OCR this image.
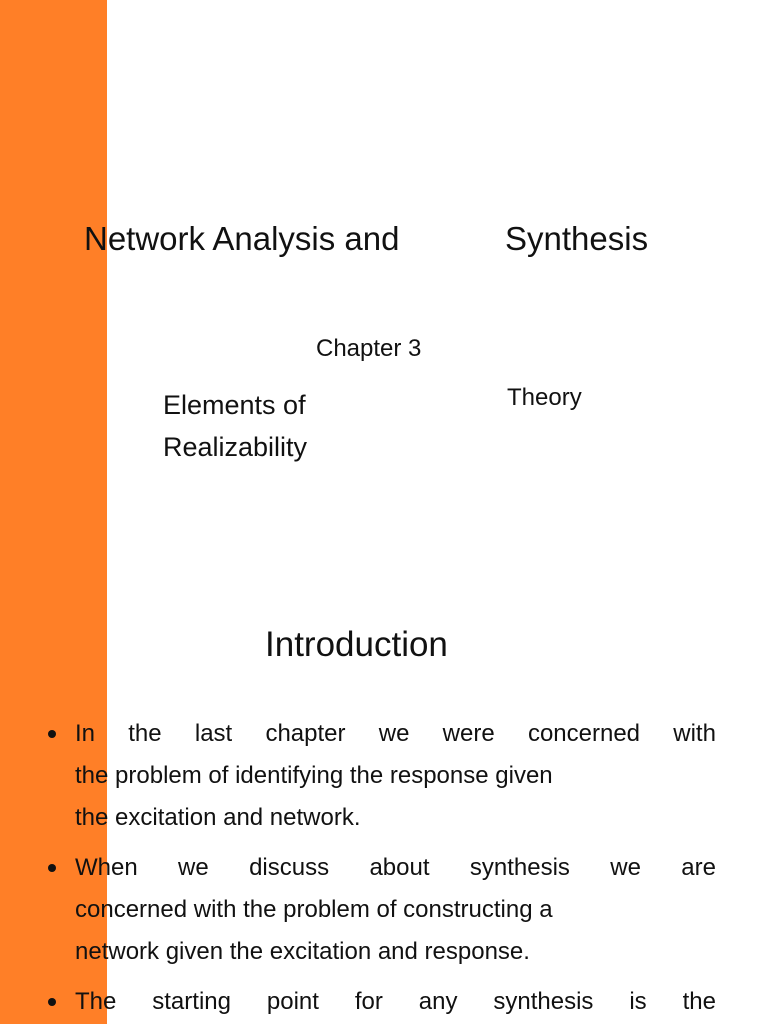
Network Analysis and	Synthesis
Chapter 3
Elements of Realizability
Theory
Introduction
In the last chapter we were concerned with
the problem of identifying the response given
the excitation and network.
When we discuss about synthesis we are
concerned with the problem of constructing a
network given the excitation and response.
The starting point for any synthesis is the
